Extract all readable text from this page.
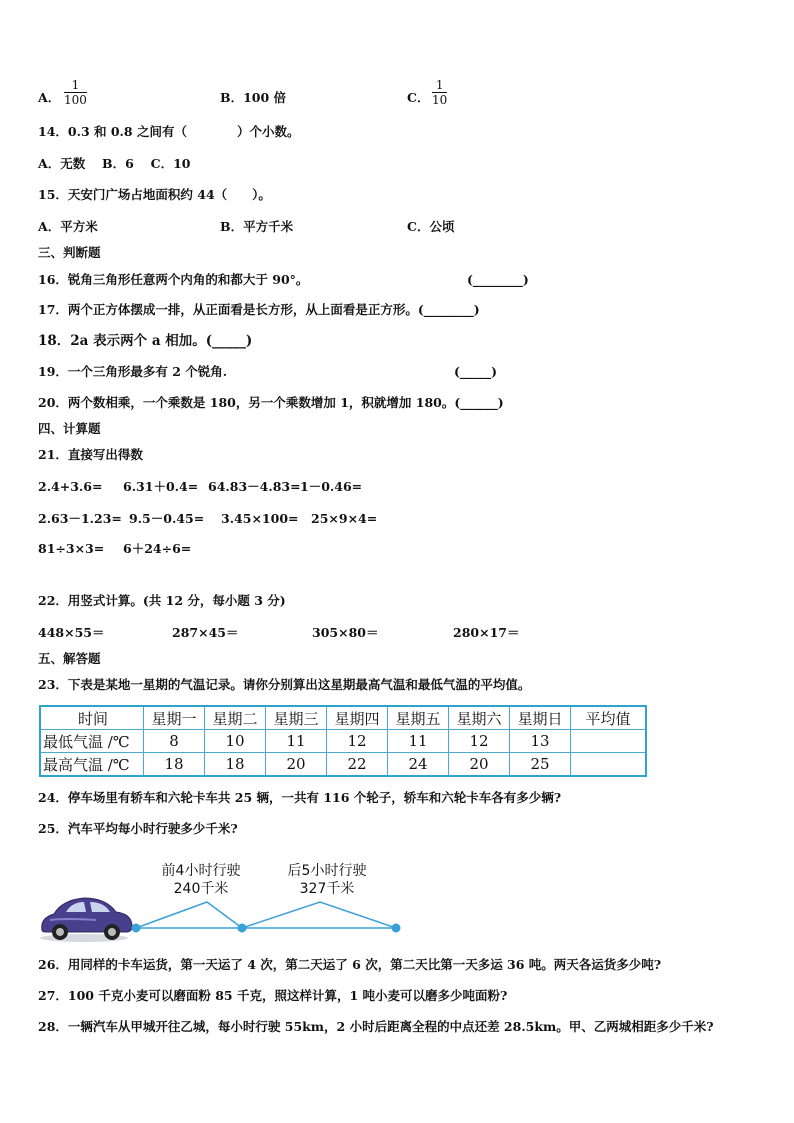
A．
1
100	B．100 倍	C．
1
10
14．0.3 和 0.8 之间有（　　　　）个小数。
A．无数　 B．6　 C．10
15．天安门广场占地面积约 44（　　）。
A．平方米	B．平方千米	C．公顷
三、判断题
16．锐角三角形任意两个内角的和都大于 90°。	(________)
17．两个正方体摆成一排，从正面看是长方形，从上面看是正方形。(________)
18．2a 表示两个 a 相加。(_____)
19．一个三角形最多有 2 个锐角.	(_____)
20．两个数相乘，一个乘数是 180，另一个乘数增加 1，积就增加 180。(______)
四、计算题
21．直接写出得数
2.4+3.6= 6.31＋0.4= 64.83－4.83= 1－0.46=
2.63－1.23= 9.5－0.45= 3.45×100= 25×9×4=
81÷3×3= 6＋24÷6=
22．用竖式计算。(共 12 分，每小题 3 分)
448×55＝	287×45＝	305×80＝	280×17＝
五、解答题
23．下表是某地一星期的气温记录。请你分别算出这星期最高气温和最低气温的平均值。
时间	星期一	星期二	星期三	星期四	星期五	星期六	星期日	平均值
最低气温 /℃	8	10	11	12	11	12	13	
最高气温 /℃	18	18	20	22	24	20	25	
24．停车场里有轿车和六轮卡车共 25 辆，一共有 116 个轮子，轿车和六轮卡车各有多少辆?
25．汽车平均每小时行驶多少千米?
前4小时行驶
240千米
后5小时行驶
327千米
26．用同样的卡车运货，第一天运了 4 次，第二天运了 6 次，第二天比第一天多运 36 吨。两天各运货多少吨?
27．100 千克小麦可以磨面粉 85 千克，照这样计算，1 吨小麦可以磨多少吨面粉?
28．一辆汽车从甲城开往乙城，每小时行驶 55km，2 小时后距离全程的中点还差 28.5km。甲、乙两城相距多少千米?
